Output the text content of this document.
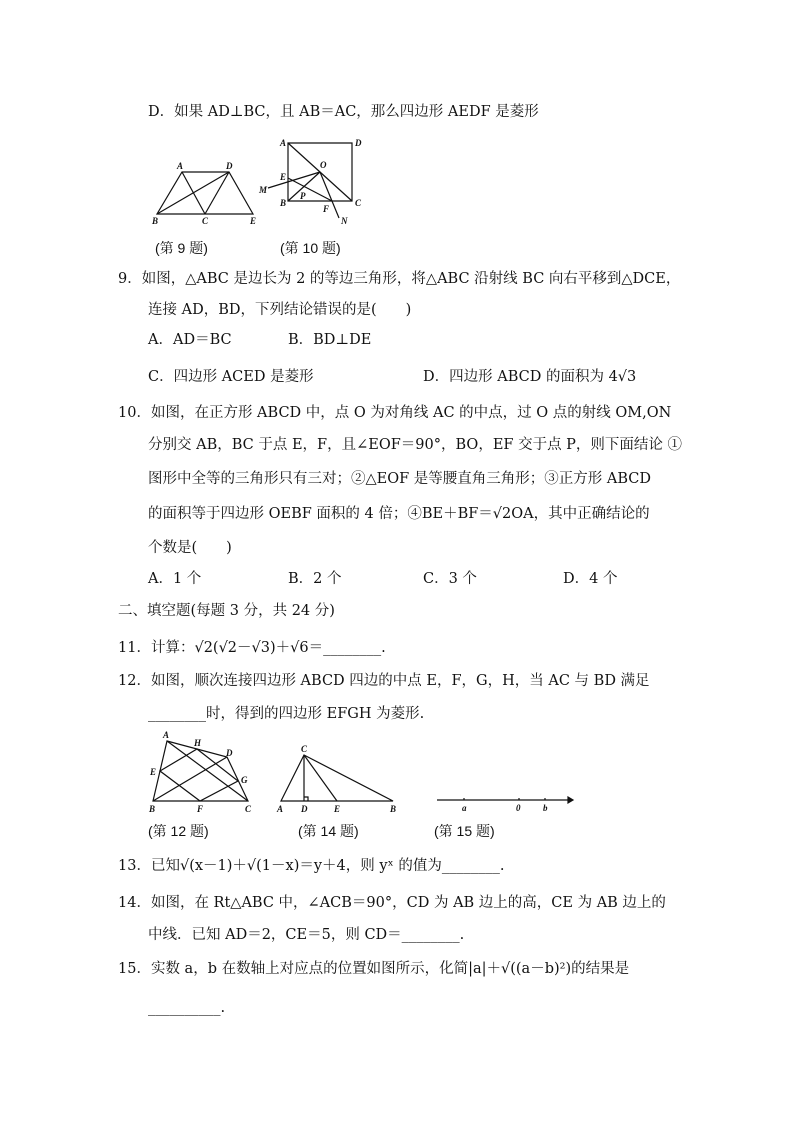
D．如果 AD⊥BC，且 AB＝AC，那么四边形 AEDF 是菱形
A	D
B	C	E
A	D
O
E
M
P
B
F
C
N
A
H
D
E
G
B	F	C
C
A D	E	B	a	0	b
(第 9 题)	(第 10 题)
9．如图，△ABC 是边长为 2 的等边三角形，将△ABC 沿射线 BC 向右平移到△DCE，
连接 AD，BD，下列结论错误的是(　　)
A．AD＝BC	B．BD⊥DE
C．四边形 ACED 是菱形	D．四边形 ABCD 的面积为 4√3
10．如图，在正方形 ABCD 中，点 O 为对角线 AC 的中点，过 O 点的射线 OM,ON
分别交 AB，BC 于点 E，F，且∠EOF＝90°，BO，EF 交于点 P，则下面结论 ①
图形中全等的三角形只有三对；②△EOF 是等腰直角三角形；③正方形 ABCD
的面积等于四边形 OEBF 面积的 4 倍；④BE＋BF＝√2OA，其中正确结论的
个数是(　　)
A．1 个	B．2 个	C．3 个	D．4 个
二、填空题(每题 3 分，共 24 分)
11．计算：√2(√2－√3)＋√6＝________.
12．如图，顺次连接四边形 ABCD 四边的中点 E，F，G，H，当 AC 与 BD 满足
________时，得到的四边形 EFGH 为菱形.
(第 12 题)	(第 14 题)	(第 15 题)
13．已知√(x－1)＋√(1－x)＝y＋4，则 yˣ 的值为________.
14．如图，在 Rt△ABC 中，∠ACB＝90°，CD 为 AB 边上的高，CE 为 AB 边上的
中线．已知 AD＝2，CE＝5，则 CD＝________.
15．实数 a，b 在数轴上对应点的位置如图所示，化简|a|＋√((a－b)²)的结果是
__________.
